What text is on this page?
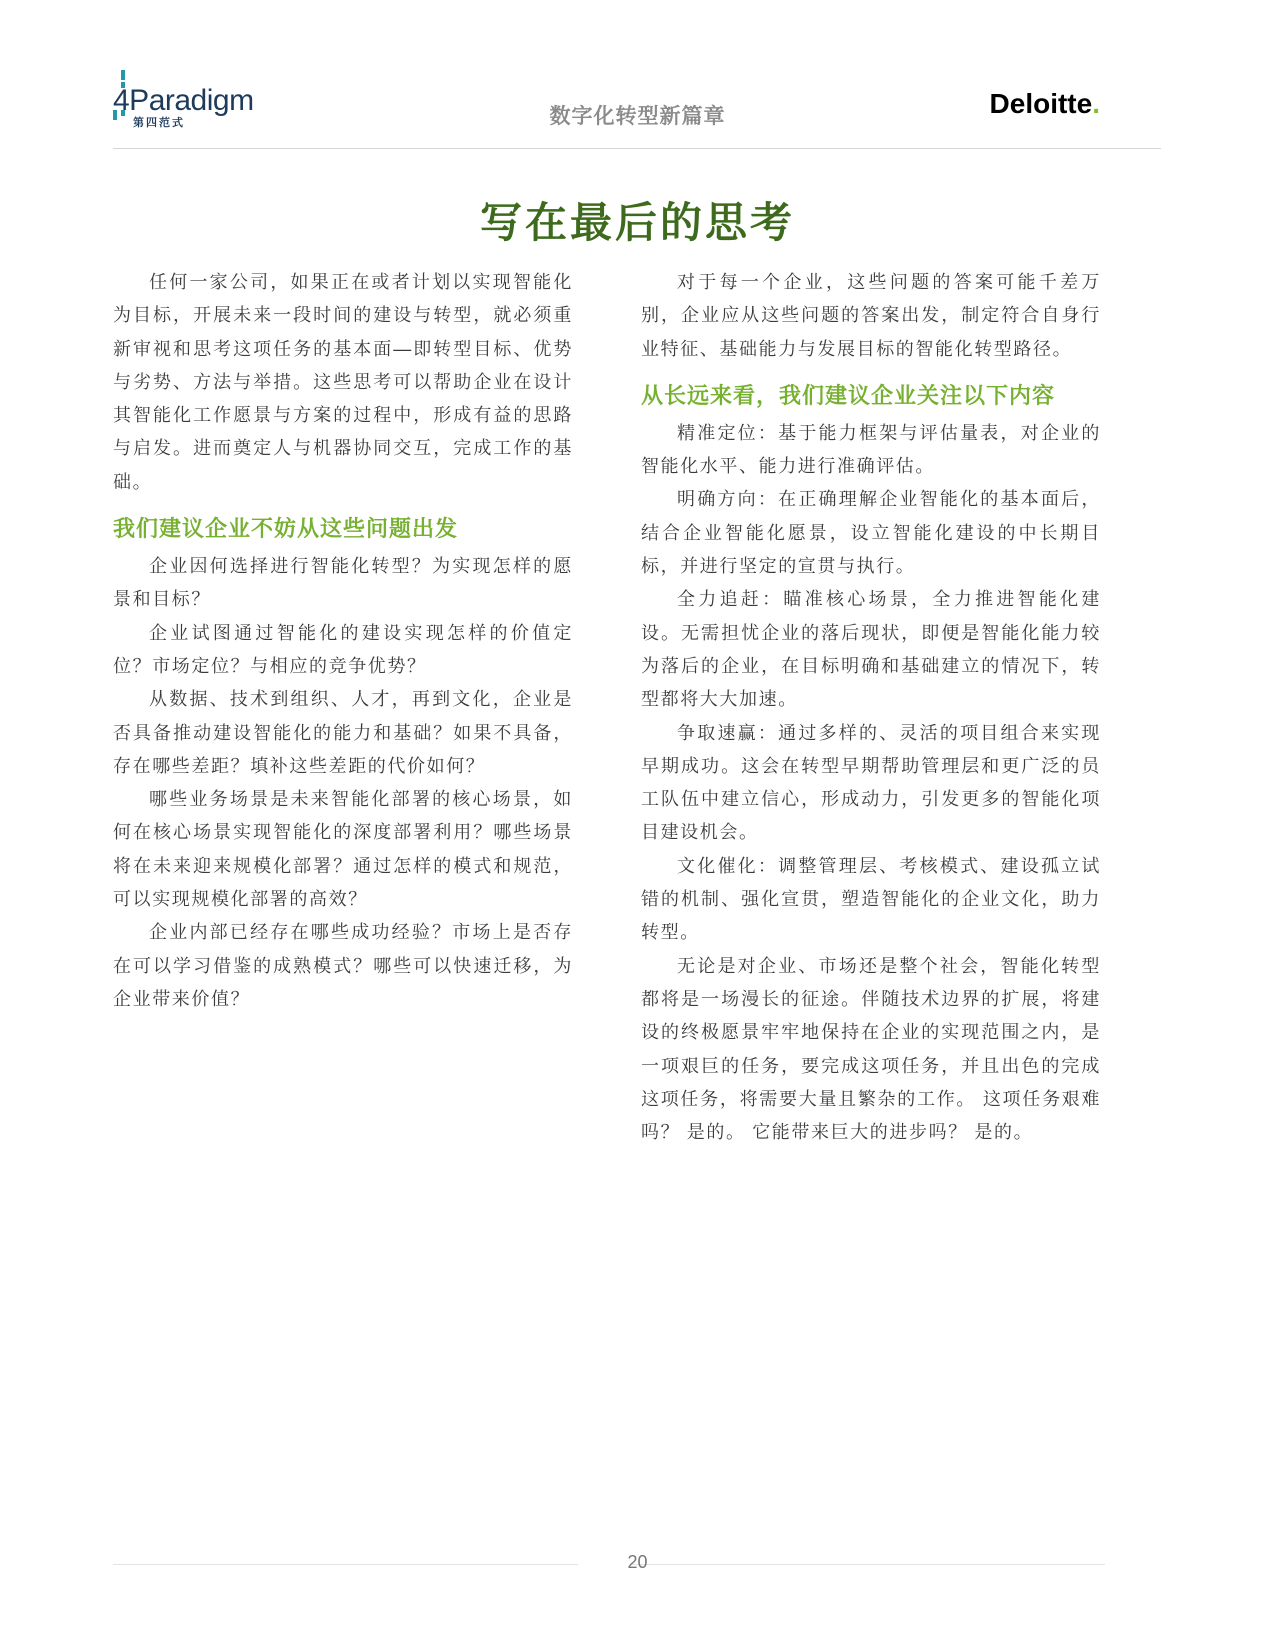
4Paradigm
第四范式	数字化转型新篇章	Deloitte.
写在最后的思考

任何一家公司，如果正在或者计划以实现智能化为目标，开展未来一段时间的建设与转型，就必须重新审视和思考这项任务的基本面—即转型目标、优势与劣势、方法与举措。这些思考可以帮助企业在设计其智能化工作愿景与方案的过程中，形成有益的思路与启发。进而奠定人与机器协同交互，完成工作的基础。

我们建议企业不妨从这些问题出发

企业因何选择进行智能化转型？为实现怎样的愿景和目标？

企业试图通过智能化的建设实现怎样的价值定位？市场定位？与相应的竞争优势？

从数据、技术到组织、人才，再到文化，企业是否具备推动建设智能化的能力和基础？如果不具备，存在哪些差距？填补这些差距的代价如何？

哪些业务场景是未来智能化部署的核心场景，如何在核心场景实现智能化的深度部署利用？哪些场景将在未来迎来规模化部署？通过怎样的模式和规范，可以实现规模化部署的高效？

企业内部已经存在哪些成功经验？市场上是否存在可以学习借鉴的成熟模式？哪些可以快速迁移，为企业带来价值？

对于每一个企业，这些问题的答案可能千差万别，企业应从这些问题的答案出发，制定符合自身行业特征、基础能力与发展目标的智能化转型路径。

从长远来看，我们建议企业关注以下内容

精准定位：基于能力框架与评估量表，对企业的智能化水平、能力进行准确评估。

明确方向：在正确理解企业智能化的基本面后，结合企业智能化愿景，设立智能化建设的中长期目标，并进行坚定的宣贯与执行。

全力追赶：瞄准核心场景，全力推进智能化建设。无需担忧企业的落后现状，即便是智能化能力较为落后的企业，在目标明确和基础建立的情况下，转型都将大大加速。

争取速赢：通过多样的、灵活的项目组合来实现早期成功。这会在转型早期帮助管理层和更广泛的员工队伍中建立信心，形成动力，引发更多的智能化项目建设机会。

文化催化：调整管理层、考核模式、建设孤立试错的机制、强化宣贯，塑造智能化的企业文化，助力转型。

无论是对企业、市场还是整个社会，智能化转型都将是一场漫长的征途。伴随技术边界的扩展，将建设的终极愿景牢牢地保持在企业的实现范围之内，是一项艰巨的任务，要完成这项任务，并且出色的完成这项任务，将需要大量且繁杂的工作。 这项任务艰难吗？ 是的。 它能带来巨大的进步吗？ 是的。

20
